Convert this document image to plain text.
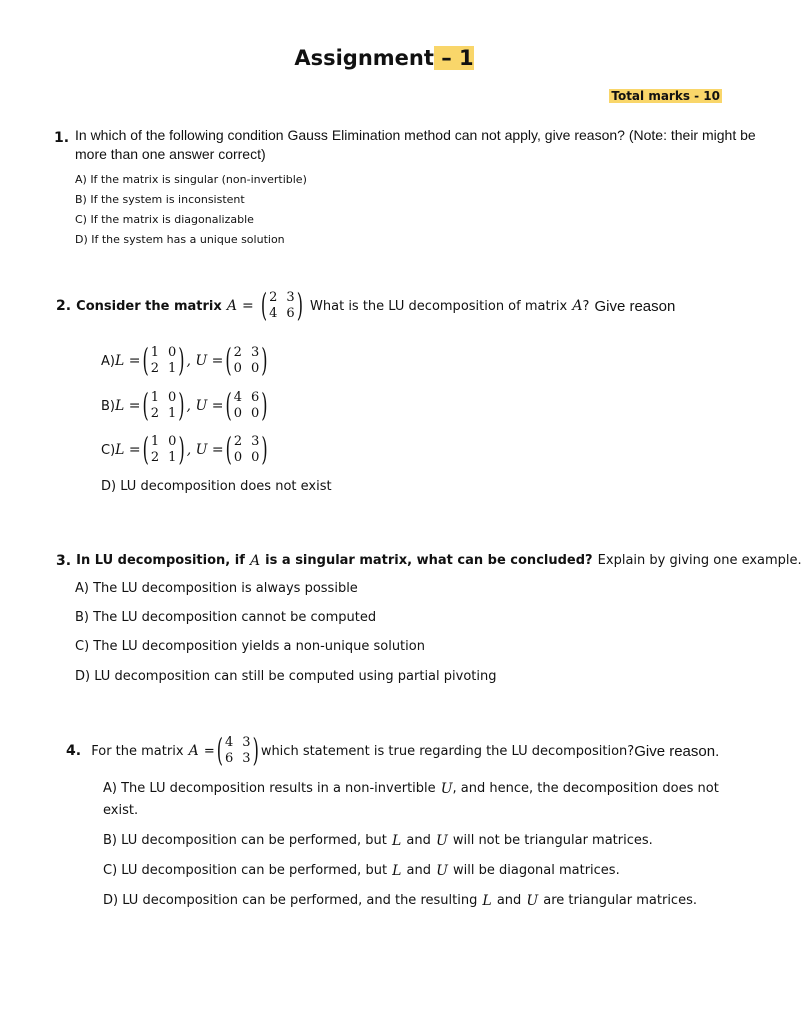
Assignment – 1
Total marks - 10
1. In which of the following condition Gauss Elimination method can not apply, give reason? (Note: their might be
more than one answer correct)
A) If the matrix is singular (non-invertible)
B) If the system is inconsistent
C) If the matrix is diagonalizable
D) If the system has a unique solution
2.
Consider the matrix
A
=
( 2 3
4 6 )
What is the LU decomposition of matrix
A ?
Give reason
A) L = ( 1 0
2 1 ) , U = ( 2 3
0 0 )
B) L = ( 1 0
2 1 ) , U = ( 4 6
0 0 )
C) L = ( 1 0
2 1 ) , U = ( 2 3
0 0 )
D) LU decomposition does not exist
3.
In LU decomposition, if
A
is a singular matrix, what can be concluded?
Explain by giving one example.
A) The LU decomposition is always possible
B) The LU decomposition cannot be computed
C) The LU decomposition yields a non-unique solution
D) LU decomposition can still be computed using partial pivoting
4.
For the matrix
A
= ( 4 3
6 3 ) which statement is true regarding the LU decomposition? Give reason.
A) The LU decomposition results in a non-invertible
U , and hence, the decomposition does not
exist.
B) LU decomposition can be performed, but
L
and
U
will not be triangular matrices.
C) LU decomposition can be performed, but
L
and
U
will be diagonal matrices.
D) LU decomposition can be performed, and the resulting
L
and
U
are triangular matrices.
